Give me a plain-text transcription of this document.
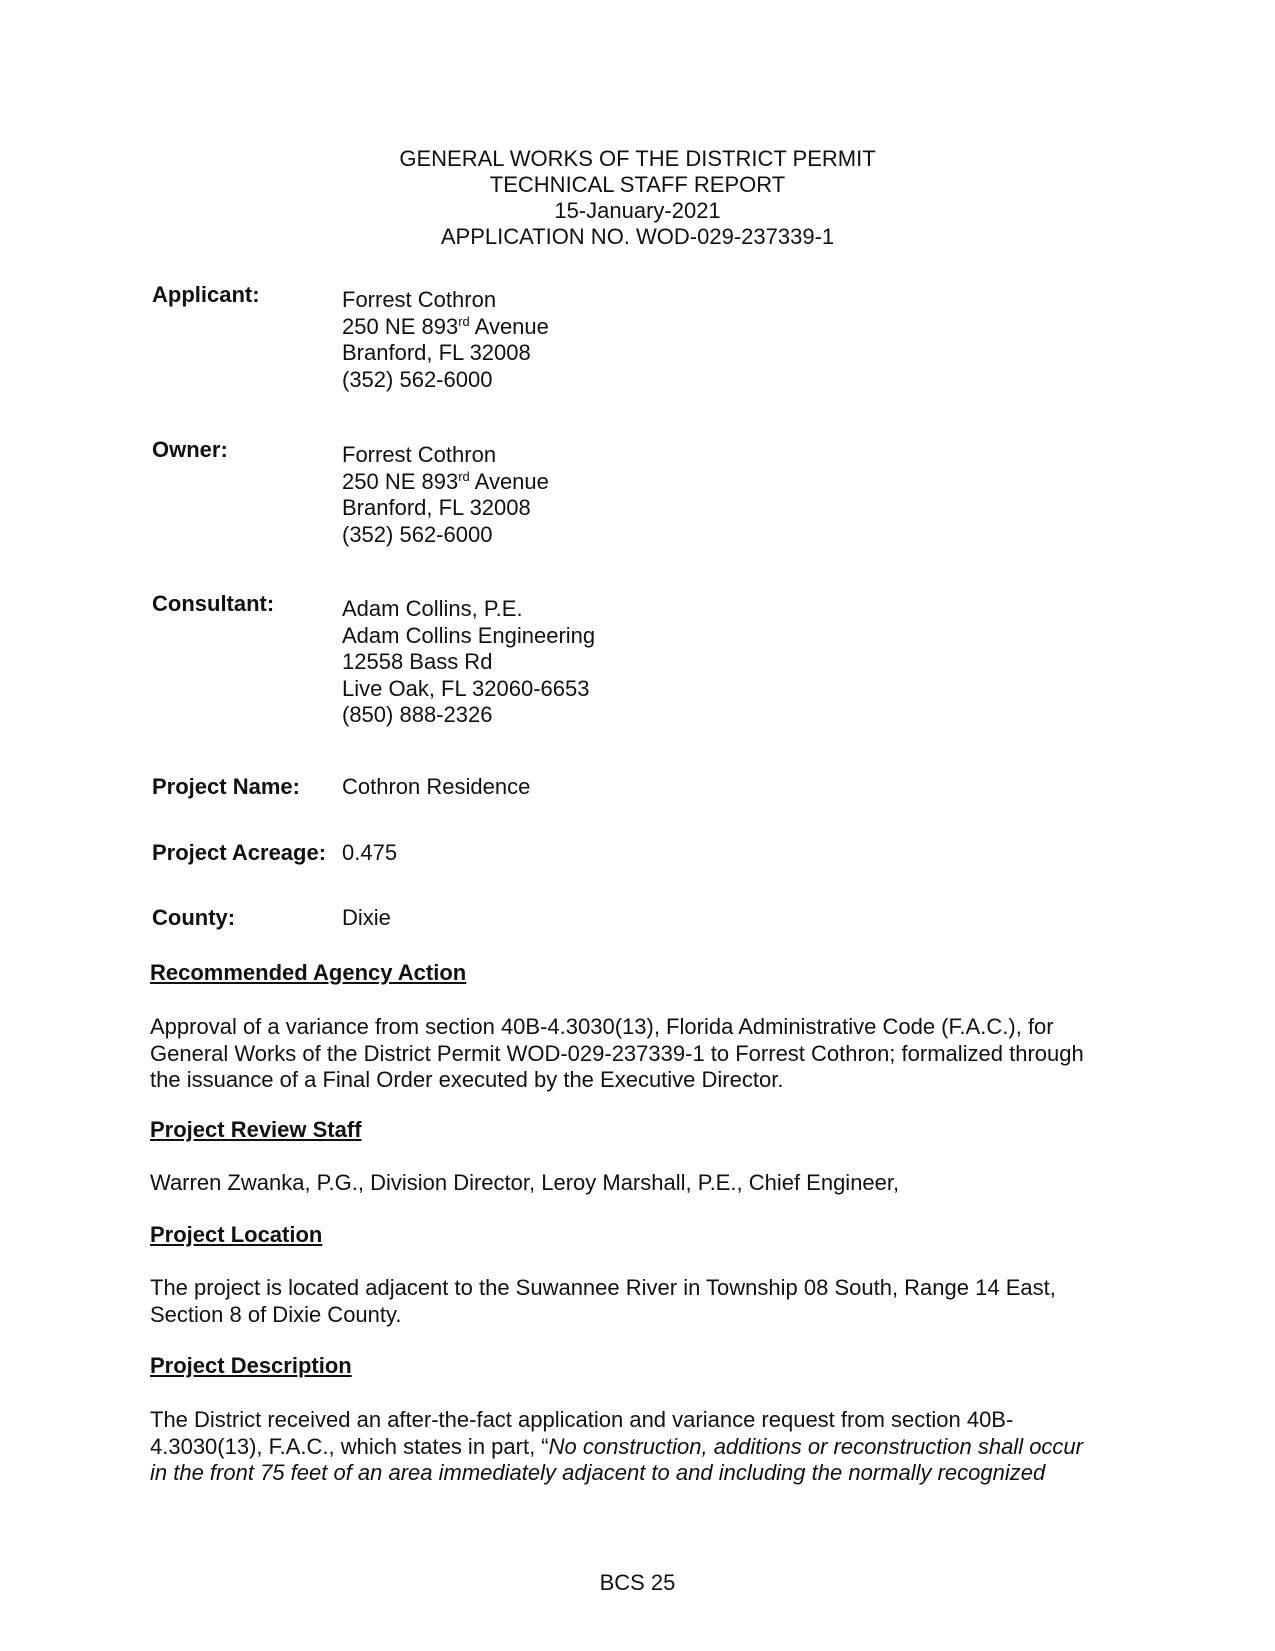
GENERAL WORKS OF THE DISTRICT PERMIT
TECHNICAL STAFF REPORT
15-January-2021
APPLICATION NO. WOD-029-237339-1
Applicant:	Forrest Cothron
250 NE 893rd Avenue
Branford, FL 32008
(352) 562-6000
Owner:	Forrest Cothron
250 NE 893rd Avenue
Branford, FL 32008
(352) 562-6000
Consultant:	Adam Collins, P.E.
Adam Collins Engineering
12558 Bass Rd
Live Oak, FL 32060-6653
(850) 888-2326
Project Name: Cothron Residence
Project Acreage: 0.475
County:	Dixie
Recommended Agency Action
Approval of a variance from section 40B-4.3030(13), Florida Administrative Code (F.A.C.), for
General Works of the District Permit WOD-029-237339-1 to Forrest Cothron; formalized through
the issuance of a Final Order executed by the Executive Director.
Project Review Staff
Warren Zwanka, P.G., Division Director, Leroy Marshall, P.E., Chief Engineer,
Project Location
The project is located adjacent to the Suwannee River in Township 08 South, Range 14 East,
Section 8 of Dixie County.
Project Description
The District received an after-the-fact application and variance request from section 40B-
4.3030(13), F.A.C., which states in part, “No construction, additions or reconstruction shall occur
in the front 75 feet of an area immediately adjacent to and including the normally recognized
BCS 25
